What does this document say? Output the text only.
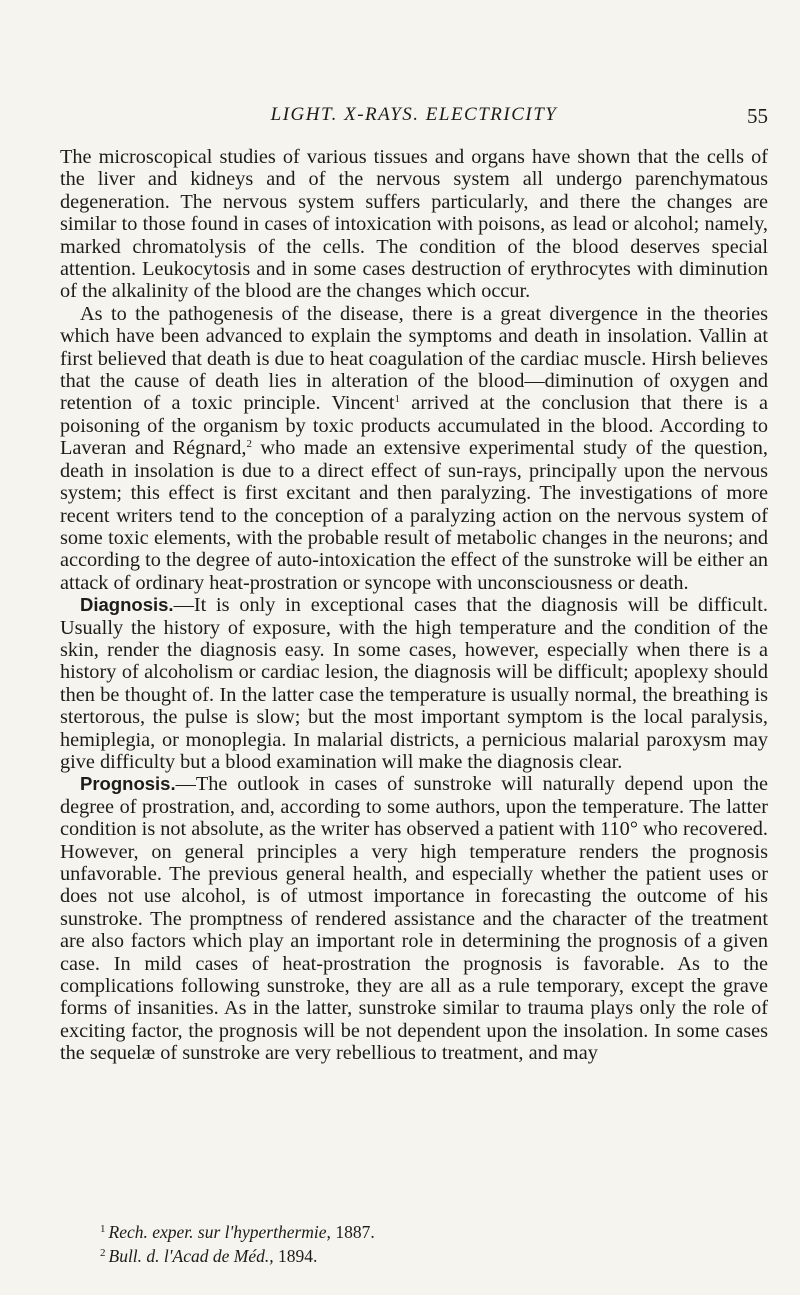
LIGHT. X-RAYS. ELECTRICITY	55

The microscopical studies of various tissues and organs have shown that the cells of the liver and kidneys and of the nervous system all undergo parenchymatous degeneration. The nervous system suffers particularly, and there the changes are similar to those found in cases of intoxication with poisons, as lead or alcohol; namely, marked chromatolysis of the cells. The condition of the blood deserves special attention. Leukocytosis and in some cases destruction of erythrocytes with diminution of the alkalinity of the blood are the changes which occur.

As to the pathogenesis of the disease, there is a great divergence in the theories which have been advanced to explain the symptoms and death in insolation. Vallin at first believed that death is due to heat coagulation of the cardiac muscle. Hirsh believes that the cause of death lies in alteration of the blood—diminution of oxygen and retention of a toxic principle. Vincent$^1$ arrived at the conclusion that there is a poisoning of the organism by toxic products accumulated in the blood. According to Laveran and Régnard,$^2$ who made an extensive experimental study of the question, death in insolation is due to a direct effect of sun-rays, principally upon the nervous system; this effect is first excitant and then paralyzing. The investigations of more recent writers tend to the conception of a paralyzing action on the nervous system of some toxic elements, with the probable result of metabolic changes in the neurons; and according to the degree of auto-intoxication the effect of the sunstroke will be either an attack of ordinary heat-prostration or syncope with unconsciousness or death.

Diagnosis.—It is only in exceptional cases that the diagnosis will be difficult. Usually the history of exposure, with the high temperature and the condition of the skin, render the diagnosis easy. In some cases, however, especially when there is a history of alcoholism or cardiac lesion, the diagnosis will be difficult; apoplexy should then be thought of. In the latter case the temperature is usually normal, the breathing is stertorous, the pulse is slow; but the most important symptom is the local paralysis, hemiplegia, or monoplegia. In malarial districts, a pernicious malarial paroxysm may give difficulty but a blood examination will make the diagnosis clear.

Prognosis.—The outlook in cases of sunstroke will naturally depend upon the degree of prostration, and, according to some authors, upon the temperature. The latter condition is not absolute, as the writer has observed a patient with 110° who recovered. However, on general principles a very high temperature renders the prognosis unfavorable. The previous general health, and especially whether the patient uses or does not use alcohol, is of utmost importance in forecasting the outcome of his sunstroke. The promptness of rendered assistance and the character of the treatment are also factors which play an important role in determining the prognosis of a given case. In mild cases of heat-prostration the prognosis is favorable. As to the complications following sunstroke, they are all as a rule temporary, except the grave forms of insanities. As in the latter, sunstroke similar to trauma plays only the role of exciting factor, the prognosis will be not dependent upon the insolation. In some cases the sequelæ of sunstroke are very rebellious to treatment, and may

$^1$ Rech. exper. sur l'hyperthermie, 1887.

$^2$ Bull. d. l'Acad de Méd., 1894.
